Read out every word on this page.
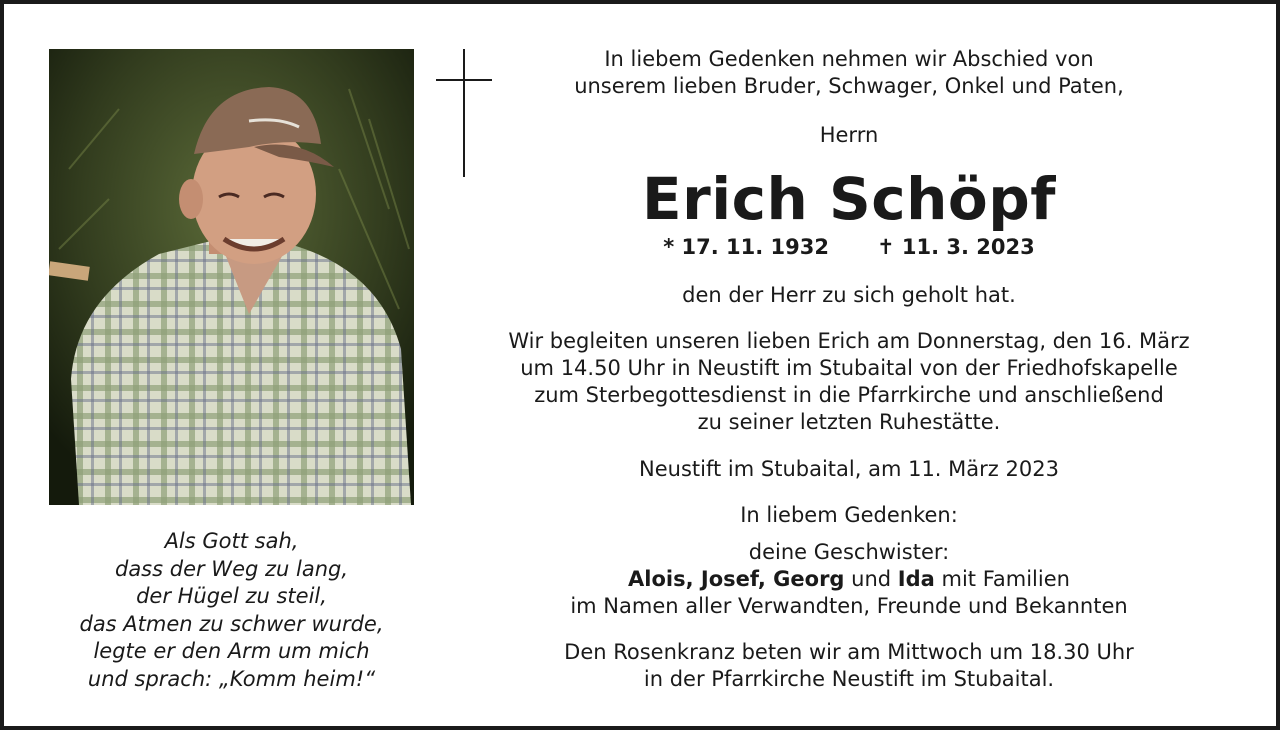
Als Gott sah,
dass der Weg zu lang,
der Hügel zu steil,
das Atmen zu schwer wurde,
legte er den Arm um mich
und sprach: „Komm heim!“
In liebem Gedenken nehmen wir Abschied von
unserem lieben Bruder, Schwager, Onkel und Paten,
Herrn
Erich Schöpf
* 17. 11. 1932 ✝ 11. 3. 2023
den der Herr zu sich geholt hat.
Wir begleiten unseren lieben Erich am Donnerstag, den 16. März
um 14.50 Uhr in Neustift im Stubaital von der Friedhofskapelle
zum Sterbegottesdienst in die Pfarrkirche und anschließend
zu seiner letzten Ruhestätte.
Neustift im Stubaital, am 11. März 2023
In liebem Gedenken:
deine Geschwister:
Alois, Josef, Georg und Ida mit Familien
im Namen aller Verwandten, Freunde und Bekannten
Den Rosenkranz beten wir am Mittwoch um 18.30 Uhr
in der Pfarrkirche Neustift im Stubaital.
